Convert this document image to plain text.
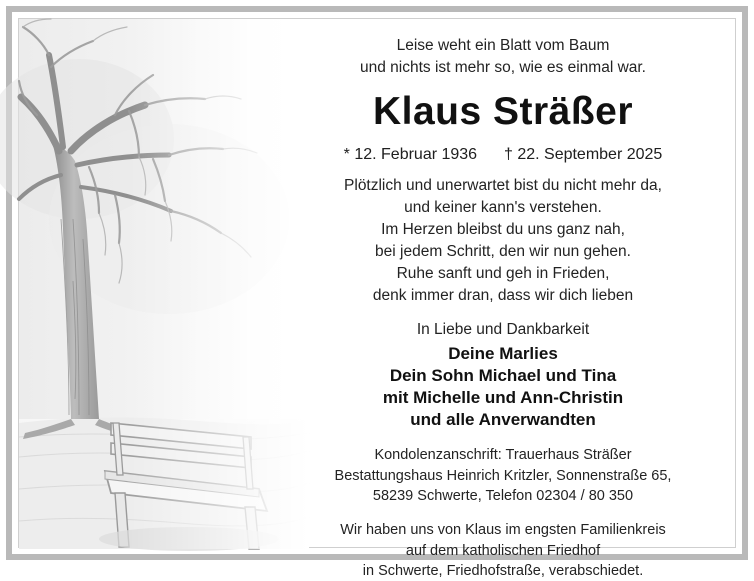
Leise weht ein Blatt vom Baum
und nichts ist mehr so, wie es einmal war.
Klaus Sträßer
* 12. Februar 1936 † 22. September 2025
Plötzlich und unerwartet bist du nicht mehr da,
und keiner kann's verstehen.
Im Herzen bleibst du uns ganz nah,
bei jedem Schritt, den wir nun gehen.
Ruhe sanft und geh in Frieden,
denk immer dran, dass wir dich lieben
In Liebe und Dankbarkeit
Deine Marlies
Dein Sohn Michael und Tina
mit Michelle und Ann-Christin
und alle Anverwandten
Kondolenzanschrift: Trauerhaus Sträßer
Bestattungshaus Heinrich Kritzler, Sonnenstraße 65,
58239 Schwerte, Telefon 02304 / 80 350
Wir haben uns von Klaus im engsten Familienkreis
auf dem katholischen Friedhof
in Schwerte, Friedhofstraße, verabschiedet.
